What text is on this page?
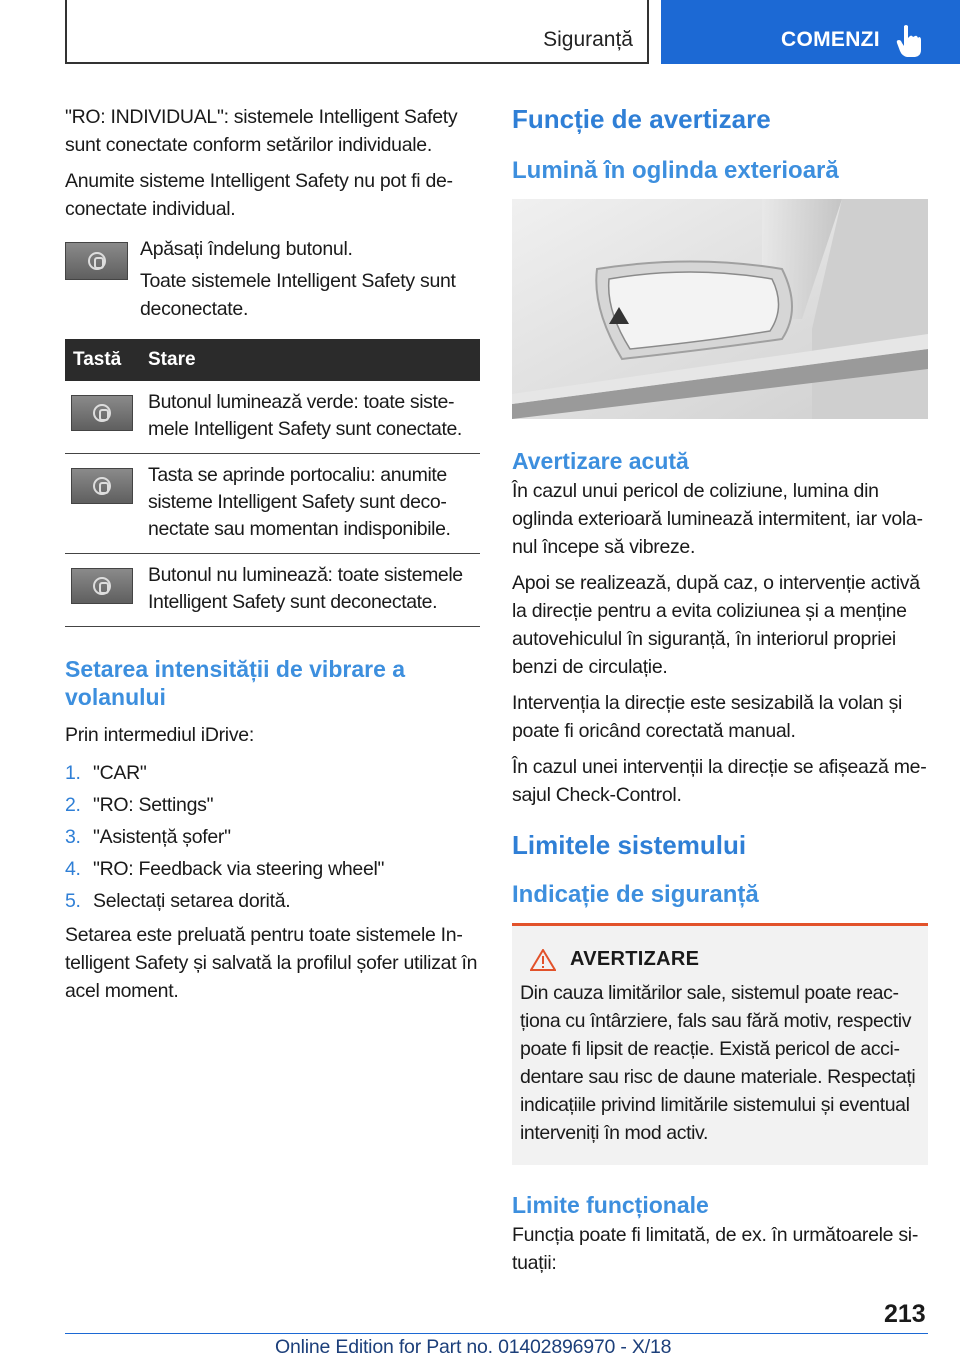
Siguranță	COMENZI

"RO: INDIVIDUAL": sistemele Intelligent Safety sunt conectate conform setărilor individuale.

Anumite sisteme Intelligent Safety nu pot fi de-conectate individual.

Apăsați îndelung butonul.
Toate sistemele Intelligent Safety sunt deconectate.
Tastă	Stare

	Butonul luminează verde: toate siste-mele Intelligent Safety sunt conectate.

	Tasta se aprinde portocaliu: anumite sisteme Intelligent Safety sunt deco-nectate sau momentan indisponibile.

	Butonul nu luminează: toate sistemele Intelligent Safety sunt deconectate.
Setarea intensității de vibrare a volanului

Prin intermediul iDrive:

1. "CAR"
2. "RO: Settings"
3. "Asistență șofer"
4. "RO: Feedback via steering wheel"
5. Selectați setarea dorită.

Setarea este preluată pentru toate sistemele In-telligent Safety și salvată la profilul șofer utilizat în acel moment.

Funcție de avertizare
Lumină în oglinda exterioară
Avertizare acută

În cazul unui pericol de coliziune, lumina din oglinda exterioară luminează intermitent, iar vola-nul începe să vibreze.

Apoi se realizează, după caz, o intervenție activă la direcție pentru a evita coliziunea și a menține autovehiculul în siguranță, în interiorul propriei benzi de circulație.

Intervenția la direcție este sesizabilă la volan și poate fi oricând corectată manual.

În cazul unei intervenții la direcție se afișează me-sajul Check-Control.

Limitele sistemului
Indicație de siguranță
AVERTIZARE
Din cauza limitărilor sale, sistemul poate reac-ționa cu întârziere, fals sau fără motiv, respectiv poate fi lipsit de reacție. Există pericol de acci-dentare sau risc de daune materiale. Respectați indicațiile privind limitările sistemului și eventual interveniți în mod activ.
Limite funcționale

Funcția poate fi limitată, de ex. în următoarele si-tuații:

213
Online Edition for Part no. 01402896970 - X/18
